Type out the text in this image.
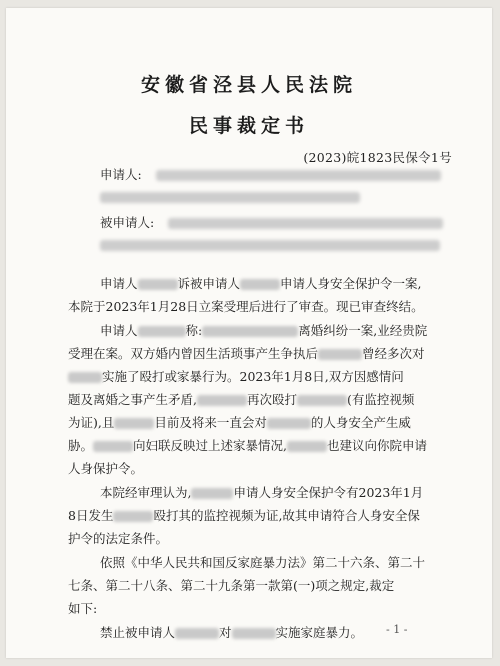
安徽省泾县人民法院
民事裁定书
(2023)皖1823民保令1号
申请人:
被申请人:
申请人	诉被申请人	申请人身安全保护令一案,
本院于2023年1月28日立案受理后进行了审查。现已审查终结。
申请人	称:	离婚纠纷一案,业经贵院
受理在案。双方婚内曾因生活琐事产生争执后	曾经多次对
实施了殴打或家暴行为。2023年1月8日,双方因感情问
题及离婚之事产生矛盾,	再次殴打	(有监控视频
为证),且	目前及将来一直会对	的人身安全产生威
胁。	向妇联反映过上述家暴情况,	也建议向你院申请
人身保护令。
本院经审理认为,	申请人身安全保护令有2023年1月
8日发生	殴打其的监控视频为证,故其申请符合人身安全保
护令的法定条件。
依照《中华人民共和国反家庭暴力法》第二十六条、第二十
七条、第二十八条、第二十九条第一款第(一)项之规定,裁定
如下:
禁止被申请人	对	实施家庭暴力。 - 1 -
